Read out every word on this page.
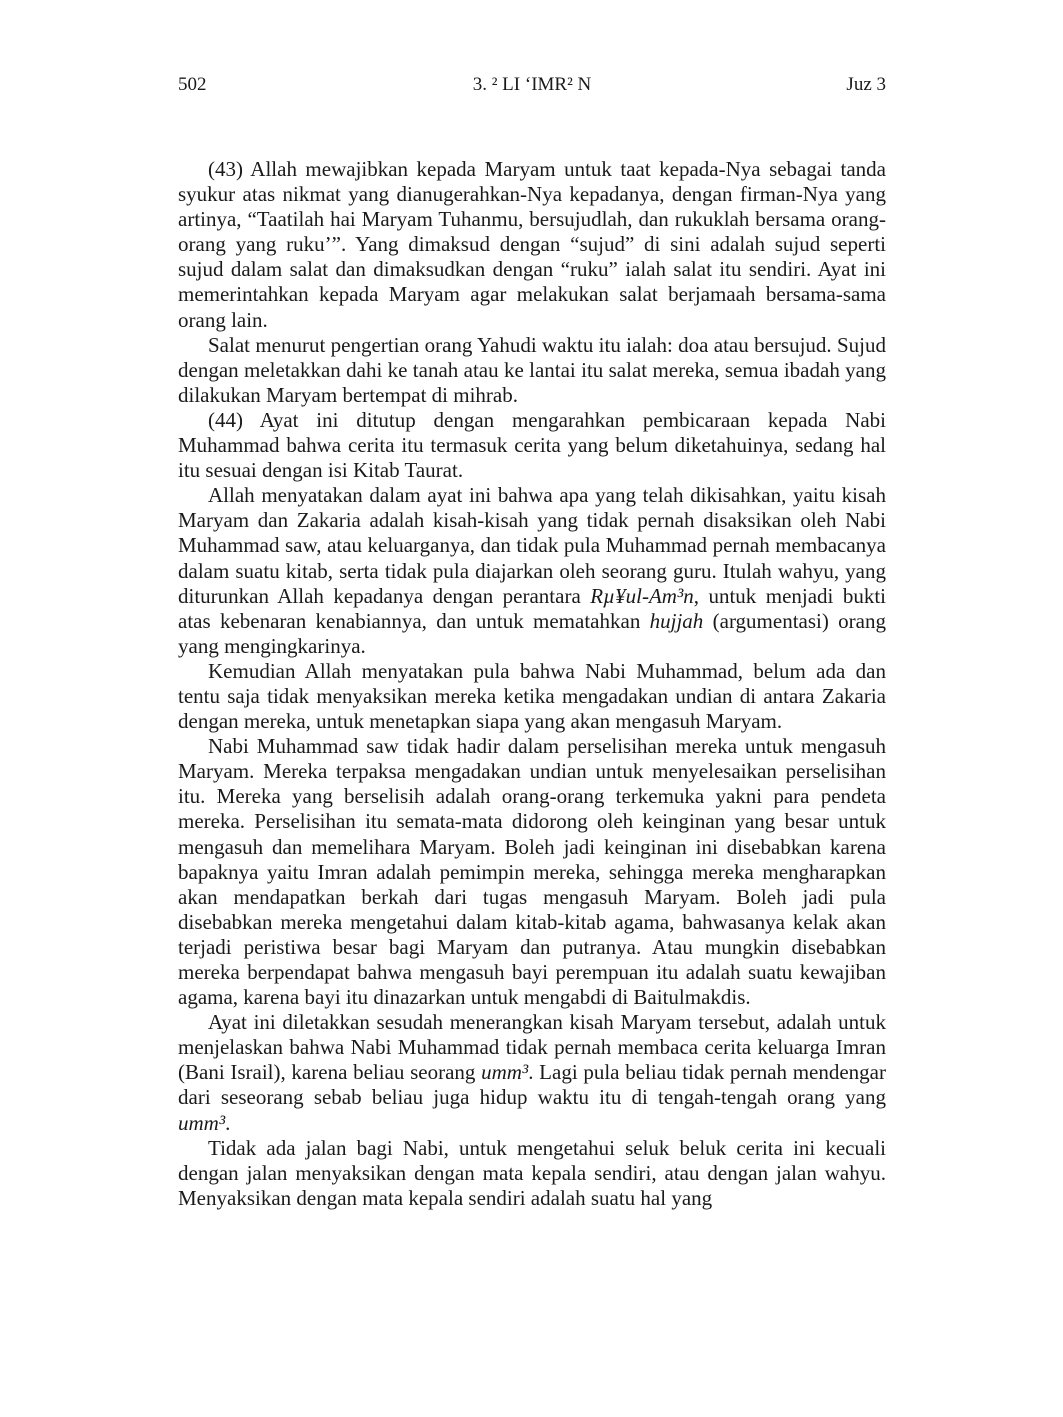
502	3. ² LI ‘IMR² N	Juz 3

(43) Allah mewajibkan kepada Maryam untuk taat kepada-Nya sebagai tanda syukur atas nikmat yang dianugerahkan-Nya kepadanya, dengan firman-Nya yang artinya, “Taatilah hai Maryam Tuhanmu, bersujudlah, dan rukuklah bersama orang-orang yang ruku’”. Yang dimaksud dengan “sujud” di sini adalah sujud seperti sujud dalam salat dan dimaksudkan dengan “ruku” ialah salat itu sendiri. Ayat ini memerintahkan kepada Maryam agar melakukan salat berjamaah bersama-sama orang lain.

Salat menurut pengertian orang Yahudi waktu itu ialah: doa atau bersujud. Sujud dengan meletakkan dahi ke tanah atau ke lantai itu salat mereka, semua ibadah yang dilakukan Maryam bertempat di mihrab.

(44) Ayat ini ditutup dengan mengarahkan pembicaraan kepada Nabi Muhammad bahwa cerita itu termasuk cerita yang belum diketahuinya, sedang hal itu sesuai dengan isi Kitab Taurat.

Allah menyatakan dalam ayat ini bahwa apa yang telah dikisahkan, yaitu kisah Maryam dan Zakaria adalah kisah-kisah yang tidak pernah disaksikan oleh Nabi Muhammad saw, atau keluarganya, dan tidak pula Muhammad pernah membacanya dalam suatu kitab, serta tidak pula diajarkan oleh seorang guru. Itulah wahyu, yang diturunkan Allah kepadanya dengan perantara Rµ¥ul-Am³n, untuk menjadi bukti atas kebenaran kenabiannya, dan untuk mematahkan hujjah (argumentasi) orang yang mengingkarinya.

Kemudian Allah menyatakan pula bahwa Nabi Muhammad, belum ada dan tentu saja tidak menyaksikan mereka ketika mengadakan undian di antara Zakaria dengan mereka, untuk menetapkan siapa yang akan mengasuh Maryam.

Nabi Muhammad saw tidak hadir dalam perselisihan mereka untuk mengasuh Maryam. Mereka terpaksa mengadakan undian untuk menyelesaikan perselisihan itu. Mereka yang berselisih adalah orang-orang terkemuka yakni para pendeta mereka. Perselisihan itu semata-mata didorong oleh keinginan yang besar untuk mengasuh dan memelihara Maryam. Boleh jadi keinginan ini disebabkan karena bapaknya yaitu Imran adalah pemimpin mereka, sehingga mereka mengharapkan akan mendapatkan berkah dari tugas mengasuh Maryam. Boleh jadi pula disebabkan mereka mengetahui dalam kitab-kitab agama, bahwasanya kelak akan terjadi peristiwa besar bagi Maryam dan putranya. Atau mungkin disebabkan mereka berpendapat bahwa mengasuh bayi perempuan itu adalah suatu kewajiban agama, karena bayi itu dinazarkan untuk mengabdi di Baitulmakdis.

Ayat ini diletakkan sesudah menerangkan kisah Maryam tersebut, adalah untuk menjelaskan bahwa Nabi Muhammad tidak pernah membaca cerita keluarga Imran (Bani Israil), karena beliau seorang umm³. Lagi pula beliau tidak pernah mendengar dari seseorang sebab beliau juga hidup waktu itu di tengah-tengah orang yang umm³.

Tidak ada jalan bagi Nabi, untuk mengetahui seluk beluk cerita ini kecuali dengan jalan menyaksikan dengan mata kepala sendiri, atau dengan jalan wahyu. Menyaksikan dengan mata kepala sendiri adalah suatu hal yang
